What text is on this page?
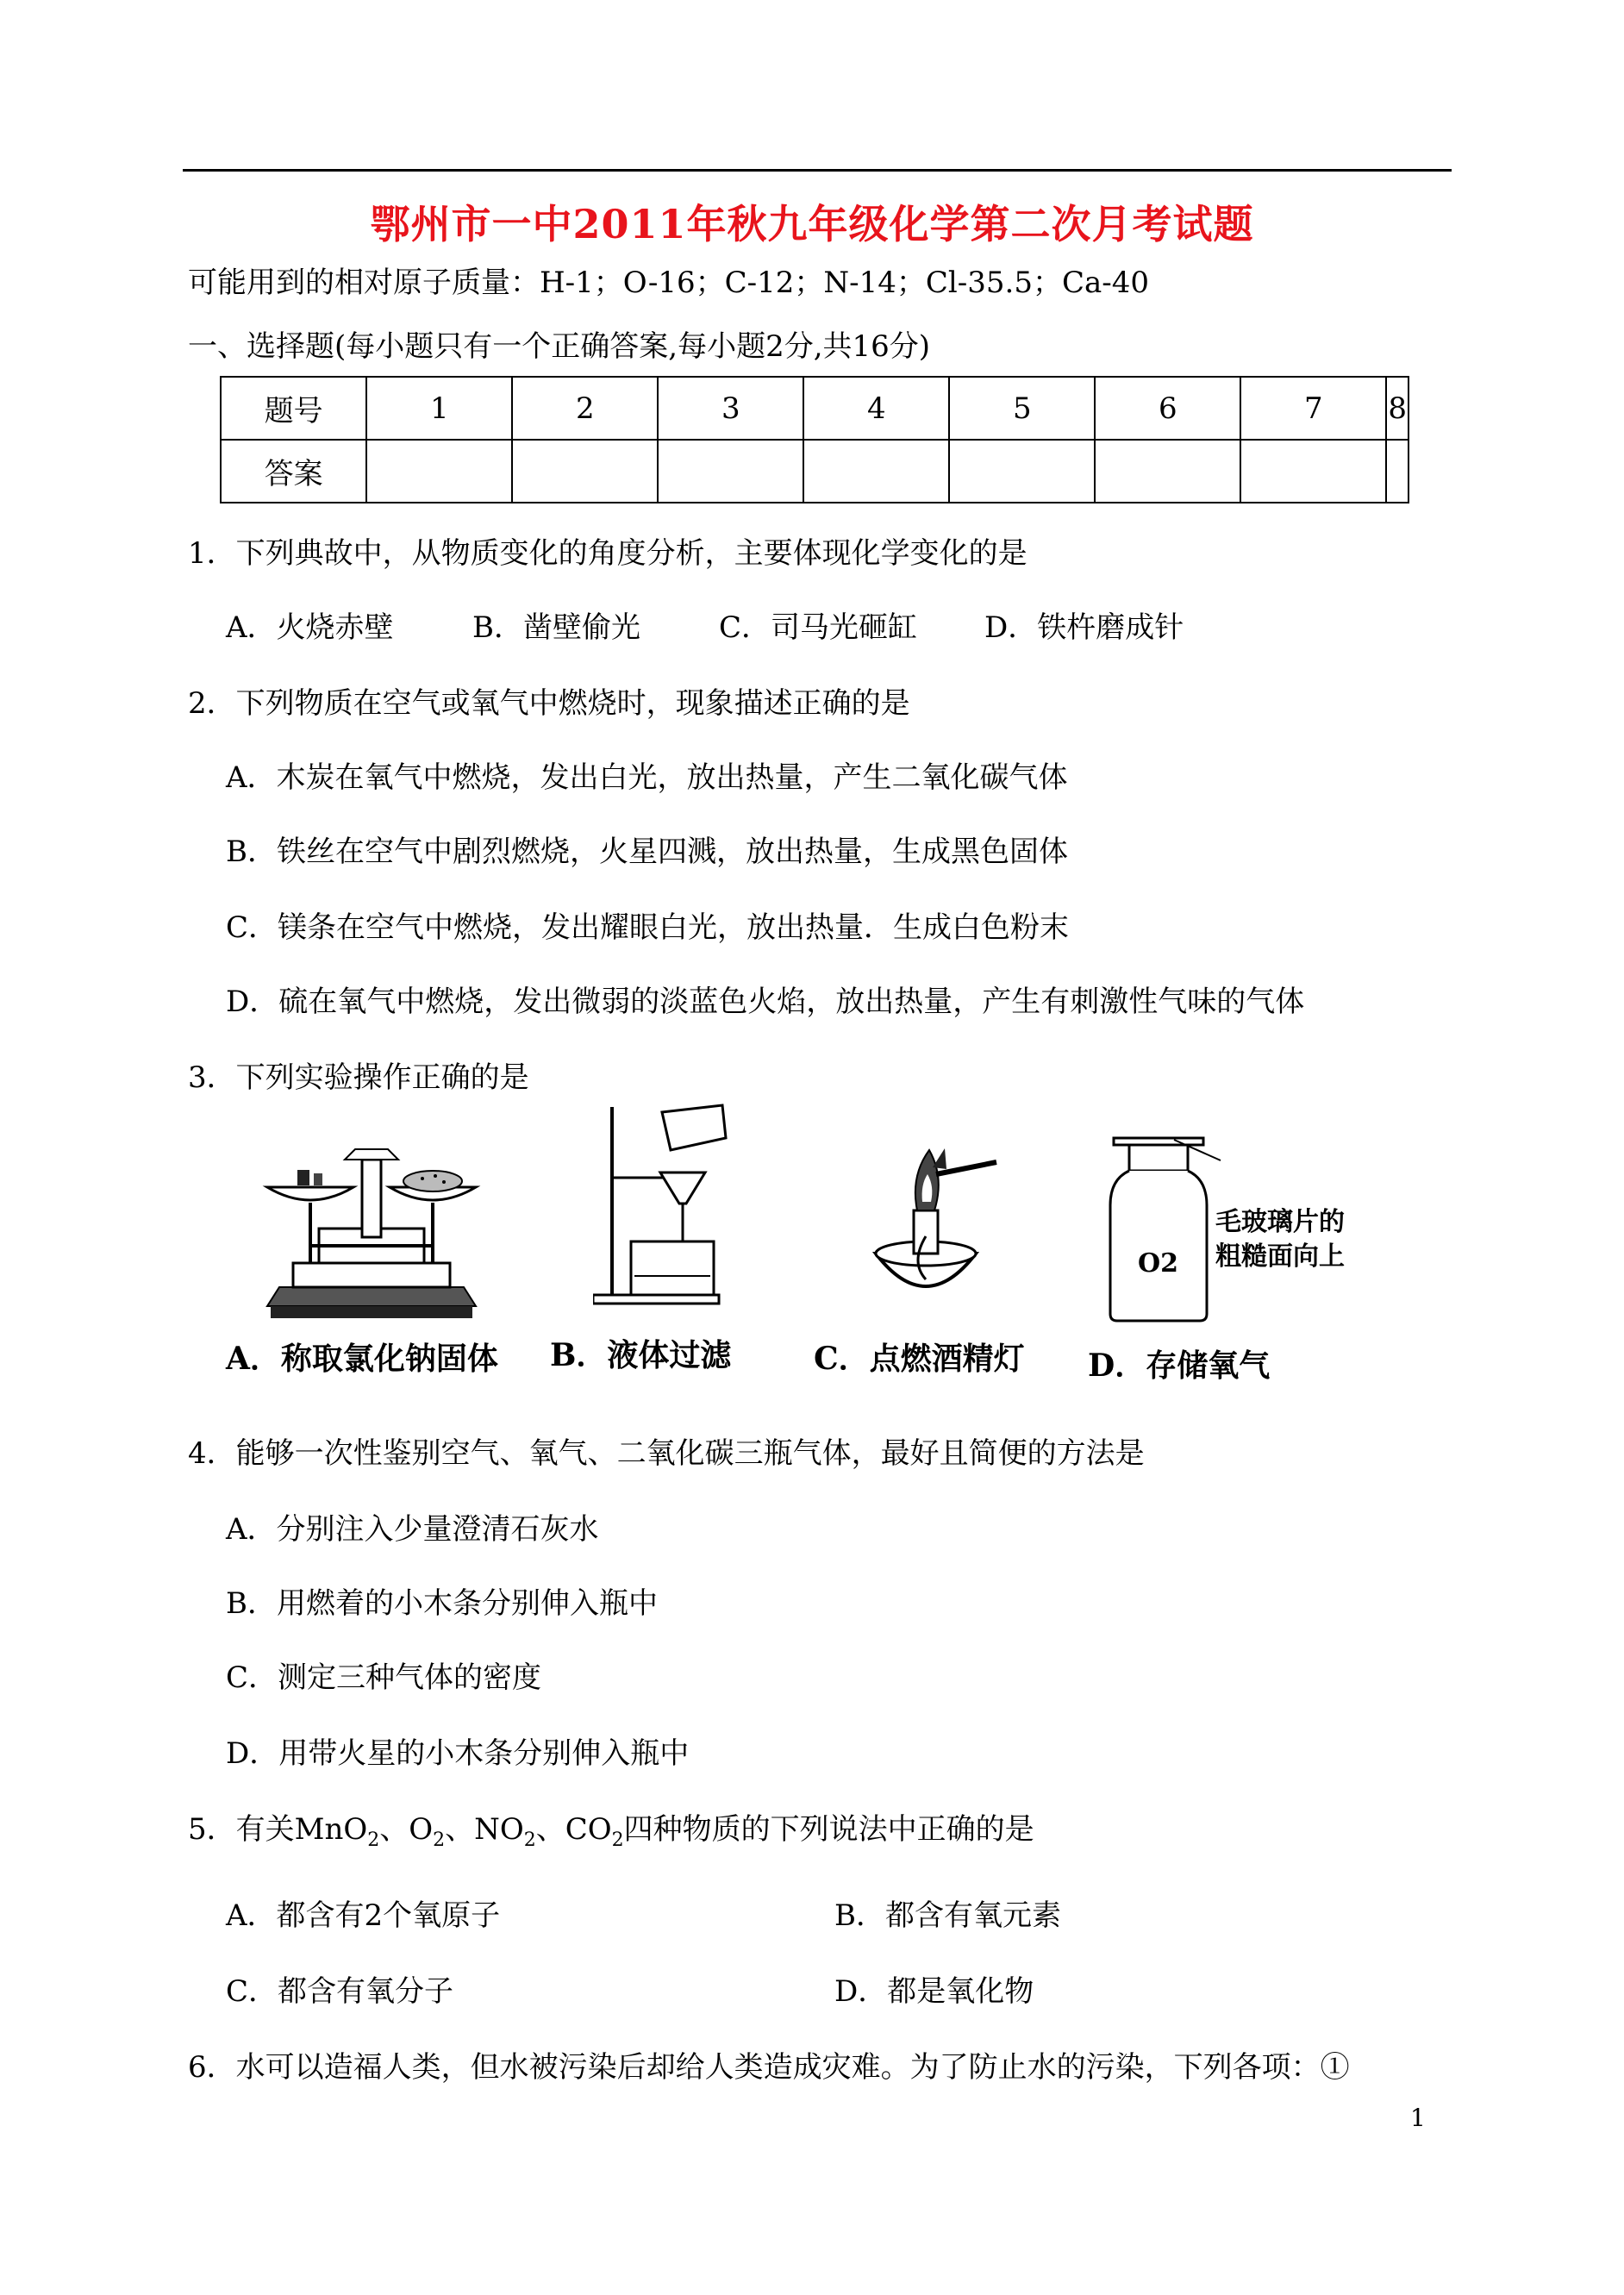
鄂州市一中2011年秋九年级化学第二次月考试题
可能用到的相对原子质量：H-1；O-16；C-12；N-14；Cl-35.5；Ca-40
一、选择题(每小题只有一个正确答案,每小题2分,共16分)
题号	1	2	3	4	5	6	7	8
答案								
1．下列典故中，从物质变化的角度分析，主要体现化学变化的是
A．火烧赤壁	B．凿壁偷光	C．司马光砸缸 D．铁杵磨成针
2．下列物质在空气或氧气中燃烧时，现象描述正确的是
A．木炭在氧气中燃烧，发出白光，放出热量，产生二氧化碳气体
B．铁丝在空气中剧烈燃烧，火星四溅，放出热量，生成黑色固体
C．镁条在空气中燃烧，发出耀眼白光，放出热量．生成白色粉末
D．硫在氧气中燃烧，发出微弱的淡蓝色火焰，放出热量，产生有刺激性气味的气体
3．下列实验操作正确的是
A．称取氯化钠固体 B．液体过滤	C．点燃酒精灯
O2
毛玻璃片的
粗糙面向上
D．存储氧气
4．能够一次性鉴别空气、氧气、二氧化碳三瓶气体，最好且简便的方法是
A．分别注入少量澄清石灰水
B．用燃着的小木条分别伸入瓶中
C．测定三种气体的密度
D．用带火星的小木条分别伸入瓶中
5．有关MnO$_2$、$O_2$、$NO_2$、$CO_2$四种物质的下列说法中正确的是
A．都含有2个氧原子	B．都含有氧元素
C．都含有氧分子	D．都是氧化物
6．水可以造福人类，但水被污染后却给人类造成灾难。为了防止水的污染，下列各项：①
1
